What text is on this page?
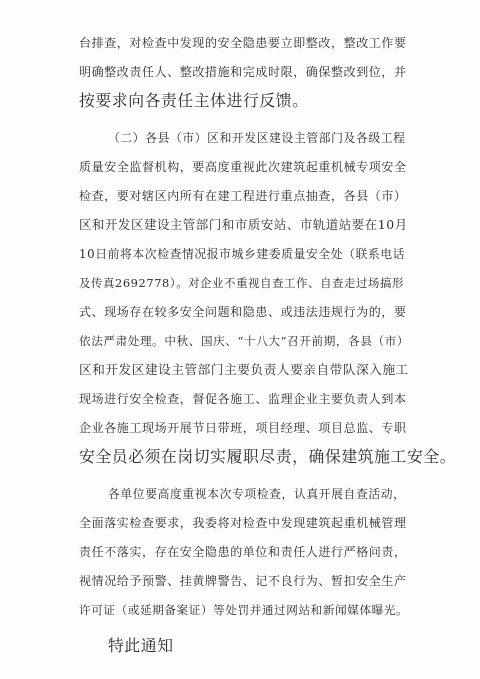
台排查，对检查中发现的安全隐患要立即整改，整改工作要
明确整改责任人、整改措施和完成时限，确保整改到位，并
按要求向各责任主体进行反馈。
（二）各县（市）区和开发区建设主管部门及各级工程
质量安全监督机构，要高度重视此次建筑起重机械专项安全
检查，要对辖区内所有在建工程进行重点抽查，各县（市）
区和开发区建设主管部门和市质安站、市轨道站要在10月
10日前将本次检查情况报市城乡建委质量安全处（联系电话
及传真2692778）。对企业不重视自查工作、自查走过场搞形
式、现场存在较多安全问题和隐患、或违法违规行为的，要
依法严肃处理。中秋、国庆、“十八大”召开前期，各县（市）
区和开发区建设主管部门主要负责人要亲自带队深入施工
现场进行安全检查，督促各施工、监理企业主要负责人到本
企业各施工现场开展节日带班，项目经理、项目总监、专职
安全员必须在岗切实履职尽责，确保建筑施工安全。
各单位要高度重视本次专项检查，认真开展自查活动，
全面落实检查要求，我委将对检查中发现建筑起重机械管理
责任不落实，存在安全隐患的单位和责任人进行严格问责，
视情况给予预警、挂黄牌警告、记不良行为、暂扣安全生产
许可证（或延期备案证）等处罚并通过网站和新闻媒体曝光。
特此通知
